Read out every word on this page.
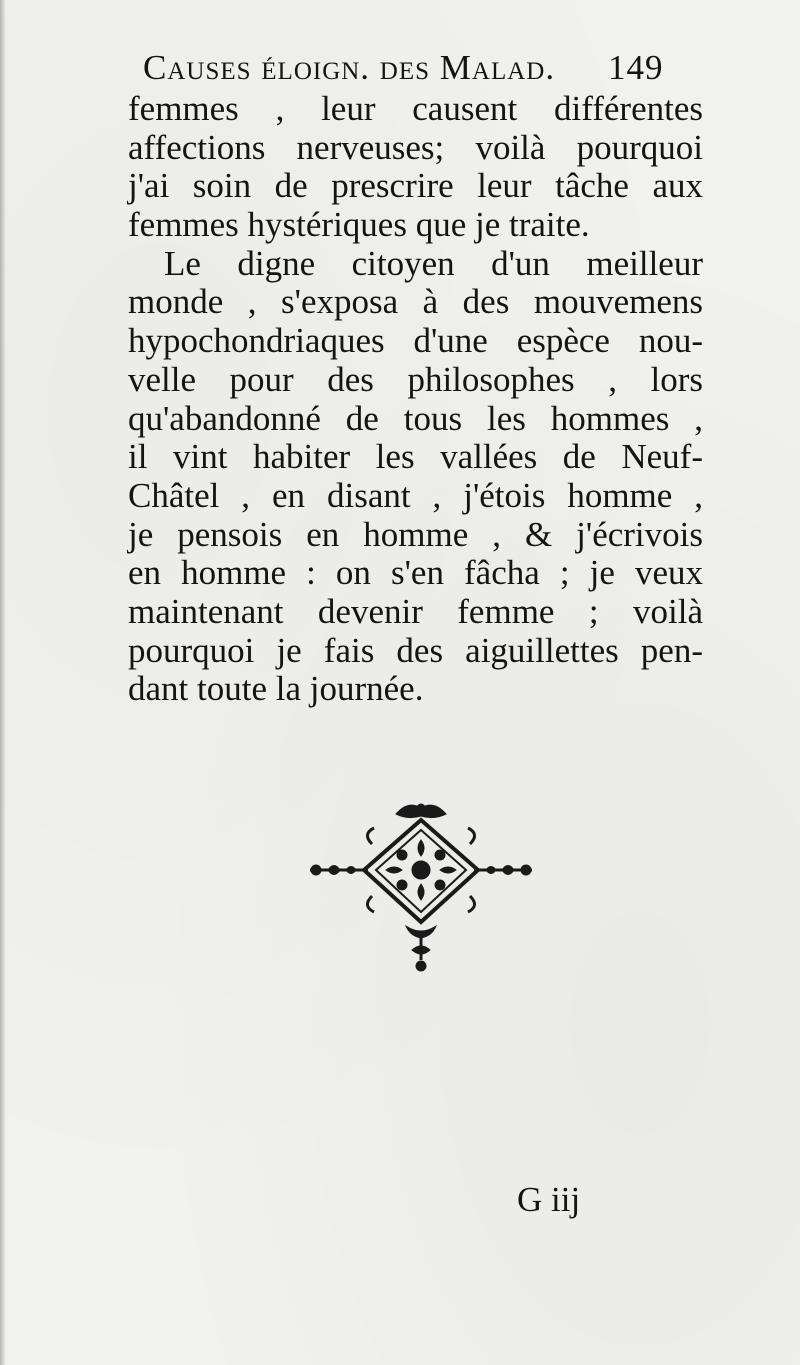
Causes éloign. des Malad. 149
femmes , leur causent différentes
affections nerveuses; voilà pourquoi
j'ai soin de prescrire leur tâche aux
femmes hystériques que je traite.
Le digne citoyen d'un meilleur
monde , s'exposa à des mouvemens
hypochondriaques d'une espèce nou-
velle pour des philosophes , lors
qu'abandonné de tous les hommes ,
il vint habiter les vallées de Neuf-
Châtel , en disant , j'étois homme ,
je pensois en homme , & j'écrivois
en homme : on s'en fâcha ; je veux
maintenant devenir femme ; voilà
pourquoi je fais des aiguillettes pen-
dant toute la journée.
G iij
